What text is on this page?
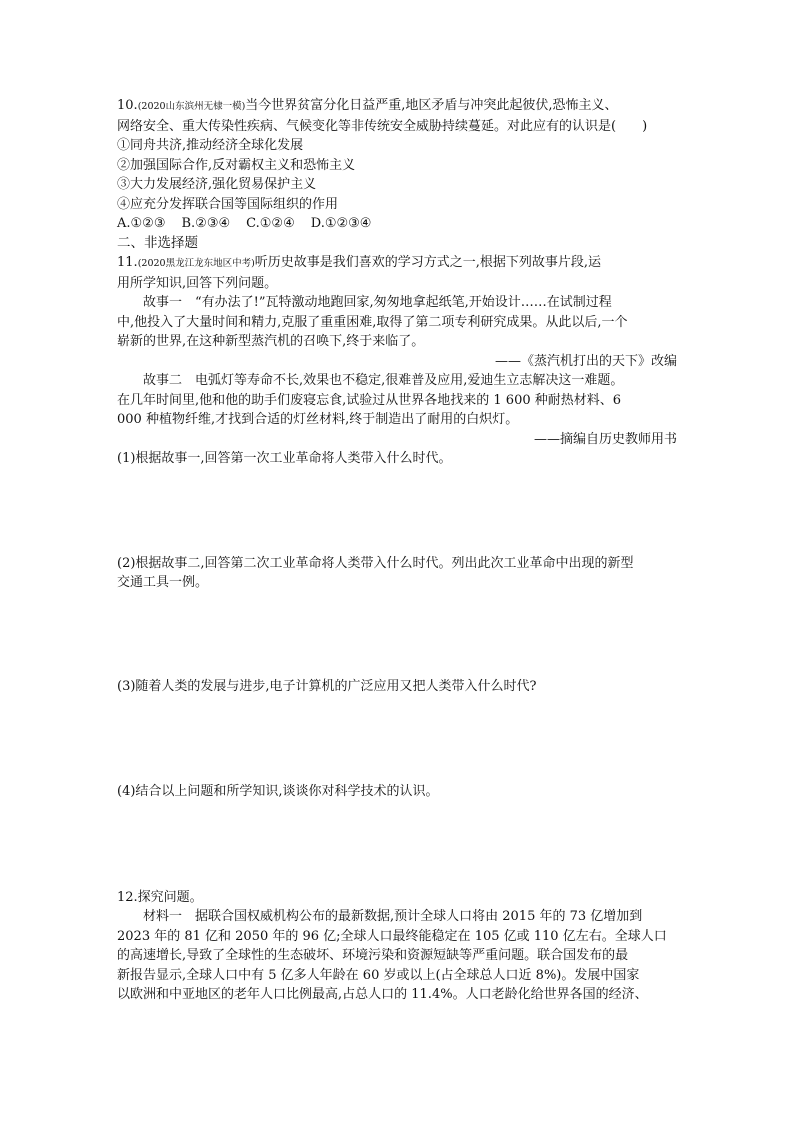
10.(2020山东滨州无棣一模)当今世界贫富分化日益严重,地区矛盾与冲突此起彼伏,恐怖主义、
网络安全、重大传染性疾病、气候变化等非传统安全威胁持续蔓延。对此应有的认识是(　　)
①同舟共济,推动经济全球化发展
②加强国际合作,反对霸权主义和恐怖主义
③大力发展经济,强化贸易保护主义
④应充分发挥联合国等国际组织的作用
A.①②③ B.②③④ C.①②④ D.①②③④
二、非选择题
11.(2020黑龙江龙东地区中考)听历史故事是我们喜欢的学习方式之一,根据下列故事片段,运
用所学知识,回答下列问题。
故事一　“有办法了!”瓦特激动地跑回家,匆匆地拿起纸笔,开始设计……在试制过程
中,他投入了大量时间和精力,克服了重重困难,取得了第二项专利研究成果。从此以后,一个
崭新的世界,在这种新型蒸汽机的召唤下,终于来临了。
——《蒸汽机打出的天下》改编
故事二　电弧灯等寿命不长,效果也不稳定,很难普及应用,爱迪生立志解决这一难题。
在几年时间里,他和他的助手们废寝忘食,试验过从世界各地找来的 1 600 种耐热材料、6
000 种植物纤维,才找到合适的灯丝材料,终于制造出了耐用的白炽灯。
——摘编自历史教师用书
(1)根据故事一,回答第一次工业革命将人类带入什么时代。
(2)根据故事二,回答第二次工业革命将人类带入什么时代。列出此次工业革命中出现的新型
交通工具一例。
(3)随着人类的发展与进步,电子计算机的广泛应用又把人类带入什么时代?
(4)结合以上问题和所学知识,谈谈你对科学技术的认识。
12.探究问题。
材料一　据联合国权威机构公布的最新数据,预计全球人口将由 2015 年的 73 亿增加到
2023 年的 81 亿和 2050 年的 96 亿;全球人口最终能稳定在 105 亿或 110 亿左右。全球人口
的高速增长,导致了全球性的生态破坏、环境污染和资源短缺等严重问题。联合国发布的最
新报告显示,全球人口中有 5 亿多人年龄在 60 岁或以上(占全球总人口近 8%)。发展中国家
以欧洲和中亚地区的老年人口比例最高,占总人口的 11.4%。人口老龄化给世界各国的经济、
